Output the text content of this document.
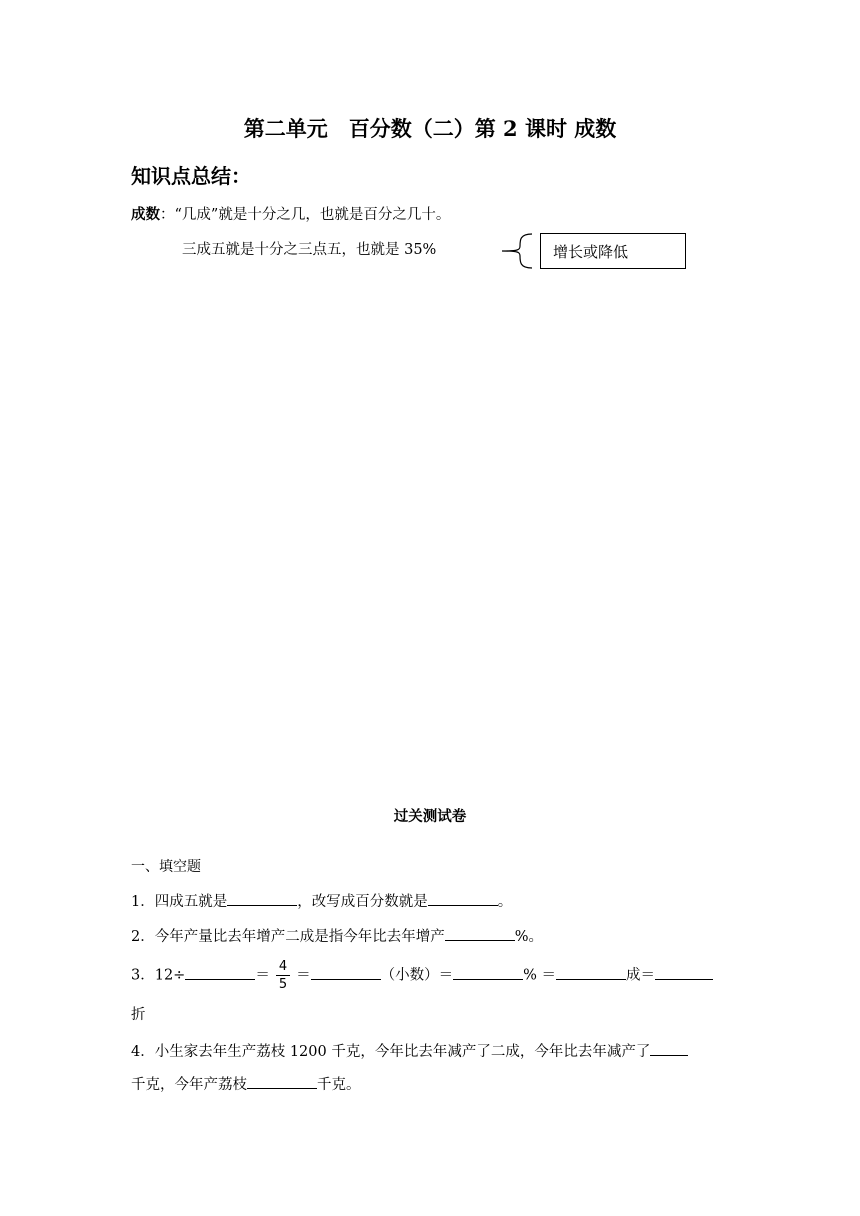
第二单元　百分数（二）第 2 课时 成数
知识点总结：
成数：“几成”就是十分之几，也就是百分之几十。
三成五就是十分之三点五，也就是 35%	增长或降低
过关测试卷
一、填空题
1．四成五就是	，改写成百分数就是	。
2．今年产量比去年增产二成是指今年比去年增产	%。
3．12÷	＝ $\frac{4}{5}$ ＝	（小数）＝	% ＝	成＝
折
4．小生家去年生产荔枝 1200 千克，今年比去年减产了二成，今年比去年减产了
千克，今年产荔枝	千克。
